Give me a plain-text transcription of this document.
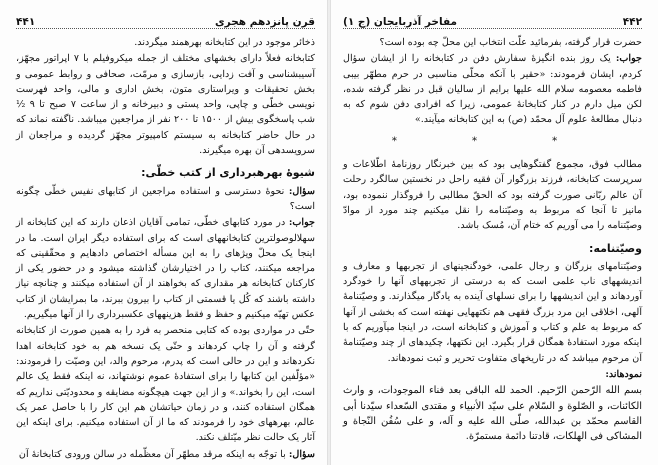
قرن پانزدهم هجری
۴۴۱

ذخائر موجود در این کتابخانه بهرهمند میگردند.

کتابخانه فعلاً دارای بخشهای مختلف از جمله میکروفیلم با ۷ اپراتور مجهّز، آسیبشناسی و آفت زدایی، بازسازی و مرمّت، صحافی و روابط عمومی و بخش تحقیقات و ویراستاری متون، بخش اداری و مالی، واحد فهرست نویسی خطّی و چاپی، واحد پستی و دبیرخانه و از ساعت ۷ صبح تا ۹ ½ شب پاسخگوی بیش از ۱۵۰۰ تا ۲۰۰ نفر از مراجعین میباشد. ناگفته نماند که در حال حاضر کتابخانه به سیستم کامپیوتر مجهّز گردیده و مراجعان از سرویسدهی آن بهره میگیرند.

شیوهٔ بهرهبرداری از کتب خطّی:

سؤال: نحوهٔ دسترسی و استفاده مراجعین از کتابهای نفیس خطّی چگونه است؟

جواب: در مورد کتابهای خطّی، تمامی آقایان اذعان دارند که این کتابخانه از سهلالوصولترین کتابخانههای است که برای استفاده دیگر ایران است. ما در اینجا یک محلّ ویژهای را به این مسأله اختصاص دادهایم و محقّقینی که مراجعه میکنند، کتاب را در اختیارشان گذاشته میشود و در حضور یکی از کارکنان کتابخانه هر مقداری که بخواهند از آن استفاده میکنند و چنانچه نیاز داشته باشند که کُل یا قسمتی از کتاب را بیرون ببرند، ما بمرایشان از کتاب عکس تهیّه میکنیم و حفظ و فقط هزینههای عکسبرداری را از آنها میگیریم.

حتّی در مواردی بوده که کتابی منحصر به فرد را به همین صورت از کتابخانه گرفته و آن را چاپ کردهاند و حتّی یک نسخه هم به خود کتابخانه اهدا نکردهاند و این در حالی است که پدرم، مرحوم والد، این وصیّت را فرمودند: «مؤلّفین این کتابها را برای استفادهٔ عموم نوشتهاند، نه اینکه فقط یک عالم است، این را بخواند.» و از این جهت هیچگونه مضایقه و محدودیّتی نداریم که همگان استفاده کنند، و در زمان حیاتشان هم این کار را با حاصل عمر یک عالم، بهرههای خود را فرمودند که ما از آن استفاده میکنیم. برای اینکه این آثار یک حالت نظر میّتلف نکند.

سؤال: با توجّه به اینکه مرقد مطهّر آن معظّمله در سالن ورودی کتابخانهٔ آن

۴۴۲
مفاخر آذربایجان (ج ۱)

حضرت قرار گرفته، بفرمائید علّت انتخاب این محلّ چه بوده است؟

جواب: یک روز بنده انگیزهٔ سفارش دفن در کتابخانه را از ایشان سؤال کردم، ایشان فرمودند: «حقیر با آنکه محلّی مناسبی در حرم مطهّر بیبی فاطمه معصومه سلام الله علیها برایم از سالیان قبل در نظر گرفته شده، لکن میل دارم در کنار کتابخانهٔ عمومی، زیرا که افرادی دفن شوم که به دنبال مطالعهٔ علوم آل محمّد (ص) به این کتابخانه میآیند.»

* * *

مطالب فوق، مجموع گفتگوهایی بود که بین خبرنگار روزنامهٔ اطّلاعات و سرپرست کتابخانه، فرزند بزرگوار آن فقیه راحل در نخستین سالگرد رحلت آن عالم ربّانی صورت گرفته بود که الحقّ مطالبی را فروگذار ننموده بود، مانیز تا آنجا که مربوط به وصیّتنامه را نقل میکنیم چند مورد از موادّ وصیّتنامه را می آوریم که ختام آن، مُسک باشد.

وصیّتنامه:

وصیّتنامهای بزرگان و رجال علمی، خودگنجینهای از تجربهها و معارف و اندیشههای ناب علمی است که به درستی از تجربههای آنها را خودگرد آوردهاند و این اندیشهها را برای نسلهای آینده به یادگار میگذارند. و وصیّتنامهٔ آلهی، اخلاقی این مرد بزرگ فقهی هم نکتههایی نهفته است که بخشی از آنها که مربوط به علم و کتاب و آموزش و کتابخانه است، در اینجا میآوریم که با اینکه مورد استفادهٔ همگان قرار بگیرد. این نکتهها، چکیدهای از چند وصیّتنامهٔ آن مرحوم میباشد که در تاریخهای متفاوت تحریر و ثبت نمودهاند.

نمودهاند:

بسم الله الرّحمن الرّحیم. الحمد لله الباقی بعد فناء الموجودات، و وارث الکائنات، و الصّلوة و السّلام علی سیّد الأنبیاء و مقتدی السّعداء سیّدنا أبی القاسم محمّد بن عبدالله، صلّی الله علیه و آله، و علی سُفُن النّجاة و المشاکی فی الهلکات، قادتنا دائمة مستمرّة.
